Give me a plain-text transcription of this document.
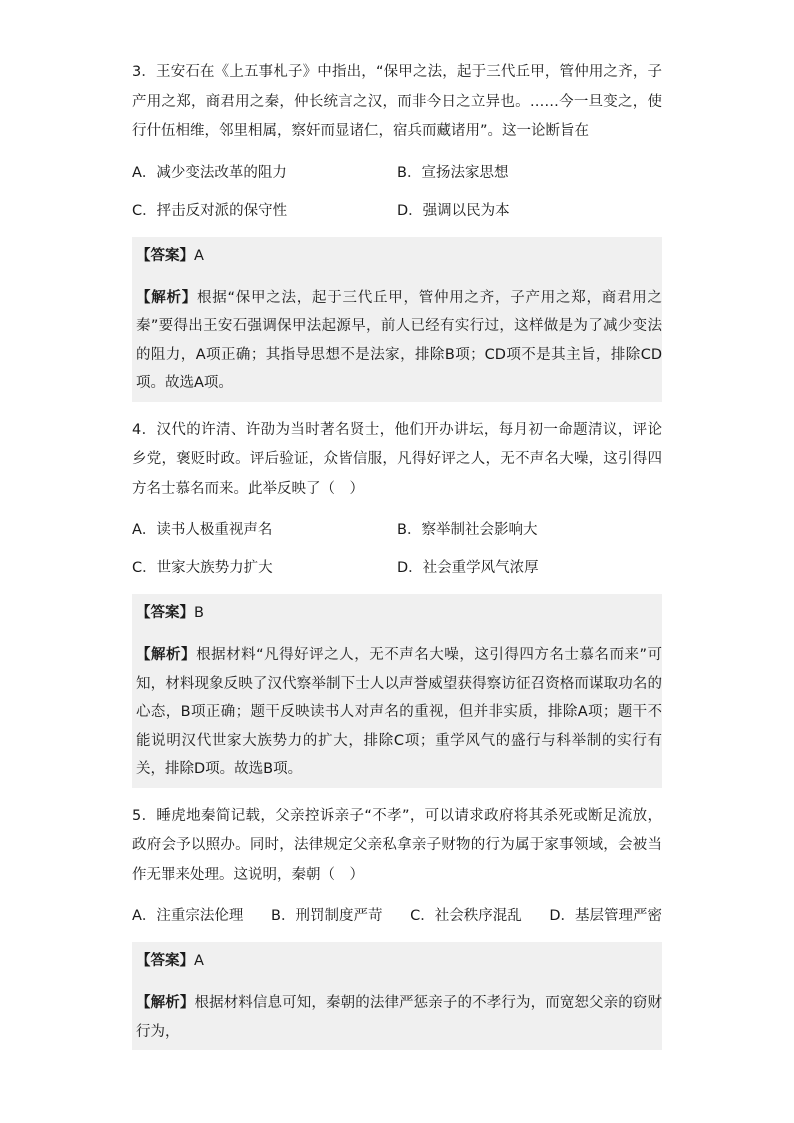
3．王安石在《上五事札子》中指出，“保甲之法，起于三代丘甲，管仲用之齐，子产用之郑，商君用之秦，仲长统言之汉，而非今日之立异也。……今一旦变之，使行什伍相维，邻里相属，察奸而显诸仁，宿兵而藏诸用”。这一论断旨在

A．减少变法改革的阻力	B．宣扬法家思想
C．抨击反对派的保守性	D．强调以民为本
【答案】A
【解析】根据“保甲之法，起于三代丘甲，管仲用之齐，子产用之郑，商君用之秦”要得出王安石强调保甲法起源早，前人已经有实行过，这样做是为了减少变法的阻力，A项正确；其指导思想不是法家，排除B项；CD项不是其主旨，排除CD项。故选A项。

4．汉代的许清、许劭为当时著名贤士，他们开办讲坛，每月初一命题清议，评论乡党，褒贬时政。评后验证，众皆信服，凡得好评之人，无不声名大噪，这引得四方名士慕名而来。此举反映了（　）

A．读书人极重视声名	B．察举制社会影响大
C．世家大族势力扩大	D．社会重学风气浓厚
【答案】B
【解析】根据材料“凡得好评之人，无不声名大噪，这引得四方名士慕名而来”可知，材料现象反映了汉代察举制下士人以声誉威望获得察访征召资格而谋取功名的心态，B项正确；题干反映读书人对声名的重视，但并非实质，排除A项；题干不能说明汉代世家大族势力的扩大，排除C项；重学风气的盛行与科举制的实行有关，排除D项。故选B项。

5．睡虎地秦简记载，父亲控诉亲子“不孝”，可以请求政府将其杀死或断足流放，政府会予以照办。同时，法律规定父亲私拿亲子财物的行为属于家事领域，会被当作无罪来处理。这说明，秦朝（　）

A．注重宗法伦理 B．刑罚制度严苛 C．社会秩序混乱 D．基层管理严密
【答案】A
【解析】根据材料信息可知，秦朝的法律严惩亲子的不孝行为，而宽恕父亲的窃财行为，
